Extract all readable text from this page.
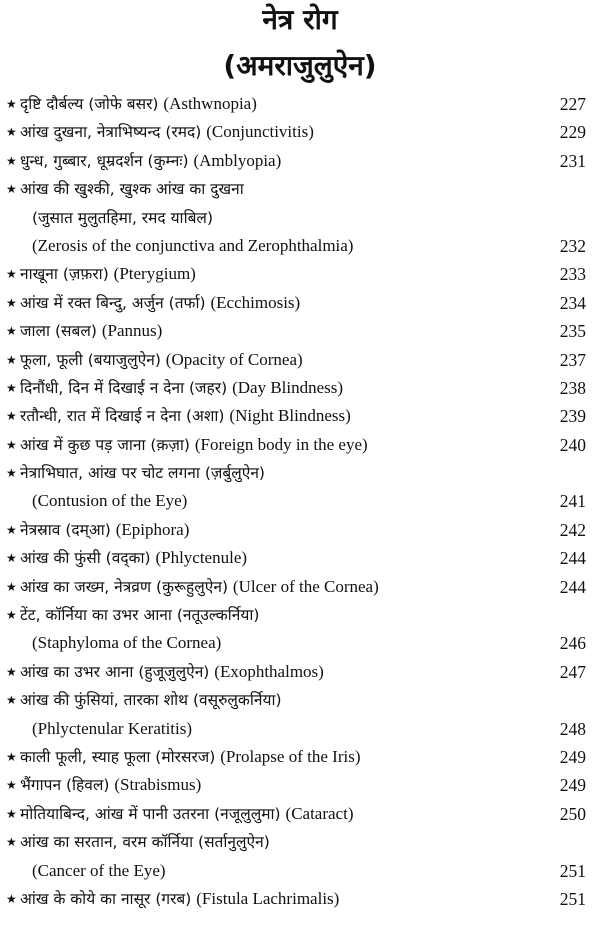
नेत्र रोग
(अमराजुलुऐन)
★ दृष्टि दौर्बल्य (जोफे बसर) (Asthwnopia)	227
★ आंख दुखना, नेत्राभिष्यन्द (रमद) (Conjunctivitis)	229
★ धुन्ध, गुब्बार, धूम्रदर्शन (कुम्नः) (Amblyopia)	231
★ आंख की खुश्की, खुश्क आंख का दुखना
(जुसात मुलुतहिमा, रमद याबिल)
(Zerosis of the conjunctiva and Zerophthalmia)	232
★ नाखूना (ज़फ़रा) (Pterygium)	233
★ आंख में रक्त बिन्दु, अर्जुन (तर्फा) (Ecchimosis)	234
★ जाला (सबल) (Pannus)	235
★ फूला, फूली (बयाजुलुऐन) (Opacity of Cornea)	237
★ दिनौंधी, दिन में दिखाई न देना (जहर) (Day Blindness)	238
★ रतौन्धी, रात में दिखाई न देना (अशा) (Night Blindness)	239
★ आंख में कुछ पड़ जाना (क़ज़ा) (Foreign body in the eye)	240
★ नेत्राभिघात, आंख पर चोट लगना (ज़र्बुलुऐन)
(Contusion of the Eye)	241
★ नेत्रस्राव (दम्आ) (Epiphora)	242
★ आंख की फुंसी (वद्का) (Phlyctenule)	244
★ आंख का जख्म, नेत्रव्रण (कुरूहुलुऐन) (Ulcer of the Cornea)	244
★ टेंट, कॉर्निया का उभर आना (नतूउल्कर्निया)
(Staphyloma of the Cornea)	246
★ आंख का उभर आना (हुजूजुलुऐन) (Exophthalmos)	247
★ आंख की फुंसियां, तारका शोथ (वसूरुलुकर्निया)
(Phlyctenular Keratitis)	248
★ काली फूली, स्याह फूला (मोरसरज) (Prolapse of the Iris)	249
★ भैंगापन (हिवल) (Strabismus)	249
★ मोतियाबिन्द, आंख में पानी उतरना (नजूलुलुमा) (Cataract)	250
★ आंख का सरतान, वरम कॉर्निया (सर्तानुलुऐन)
(Cancer of the Eye)	251
★ आंख के कोये का नासूर (गरब) (Fistula Lachrimalis)	251
